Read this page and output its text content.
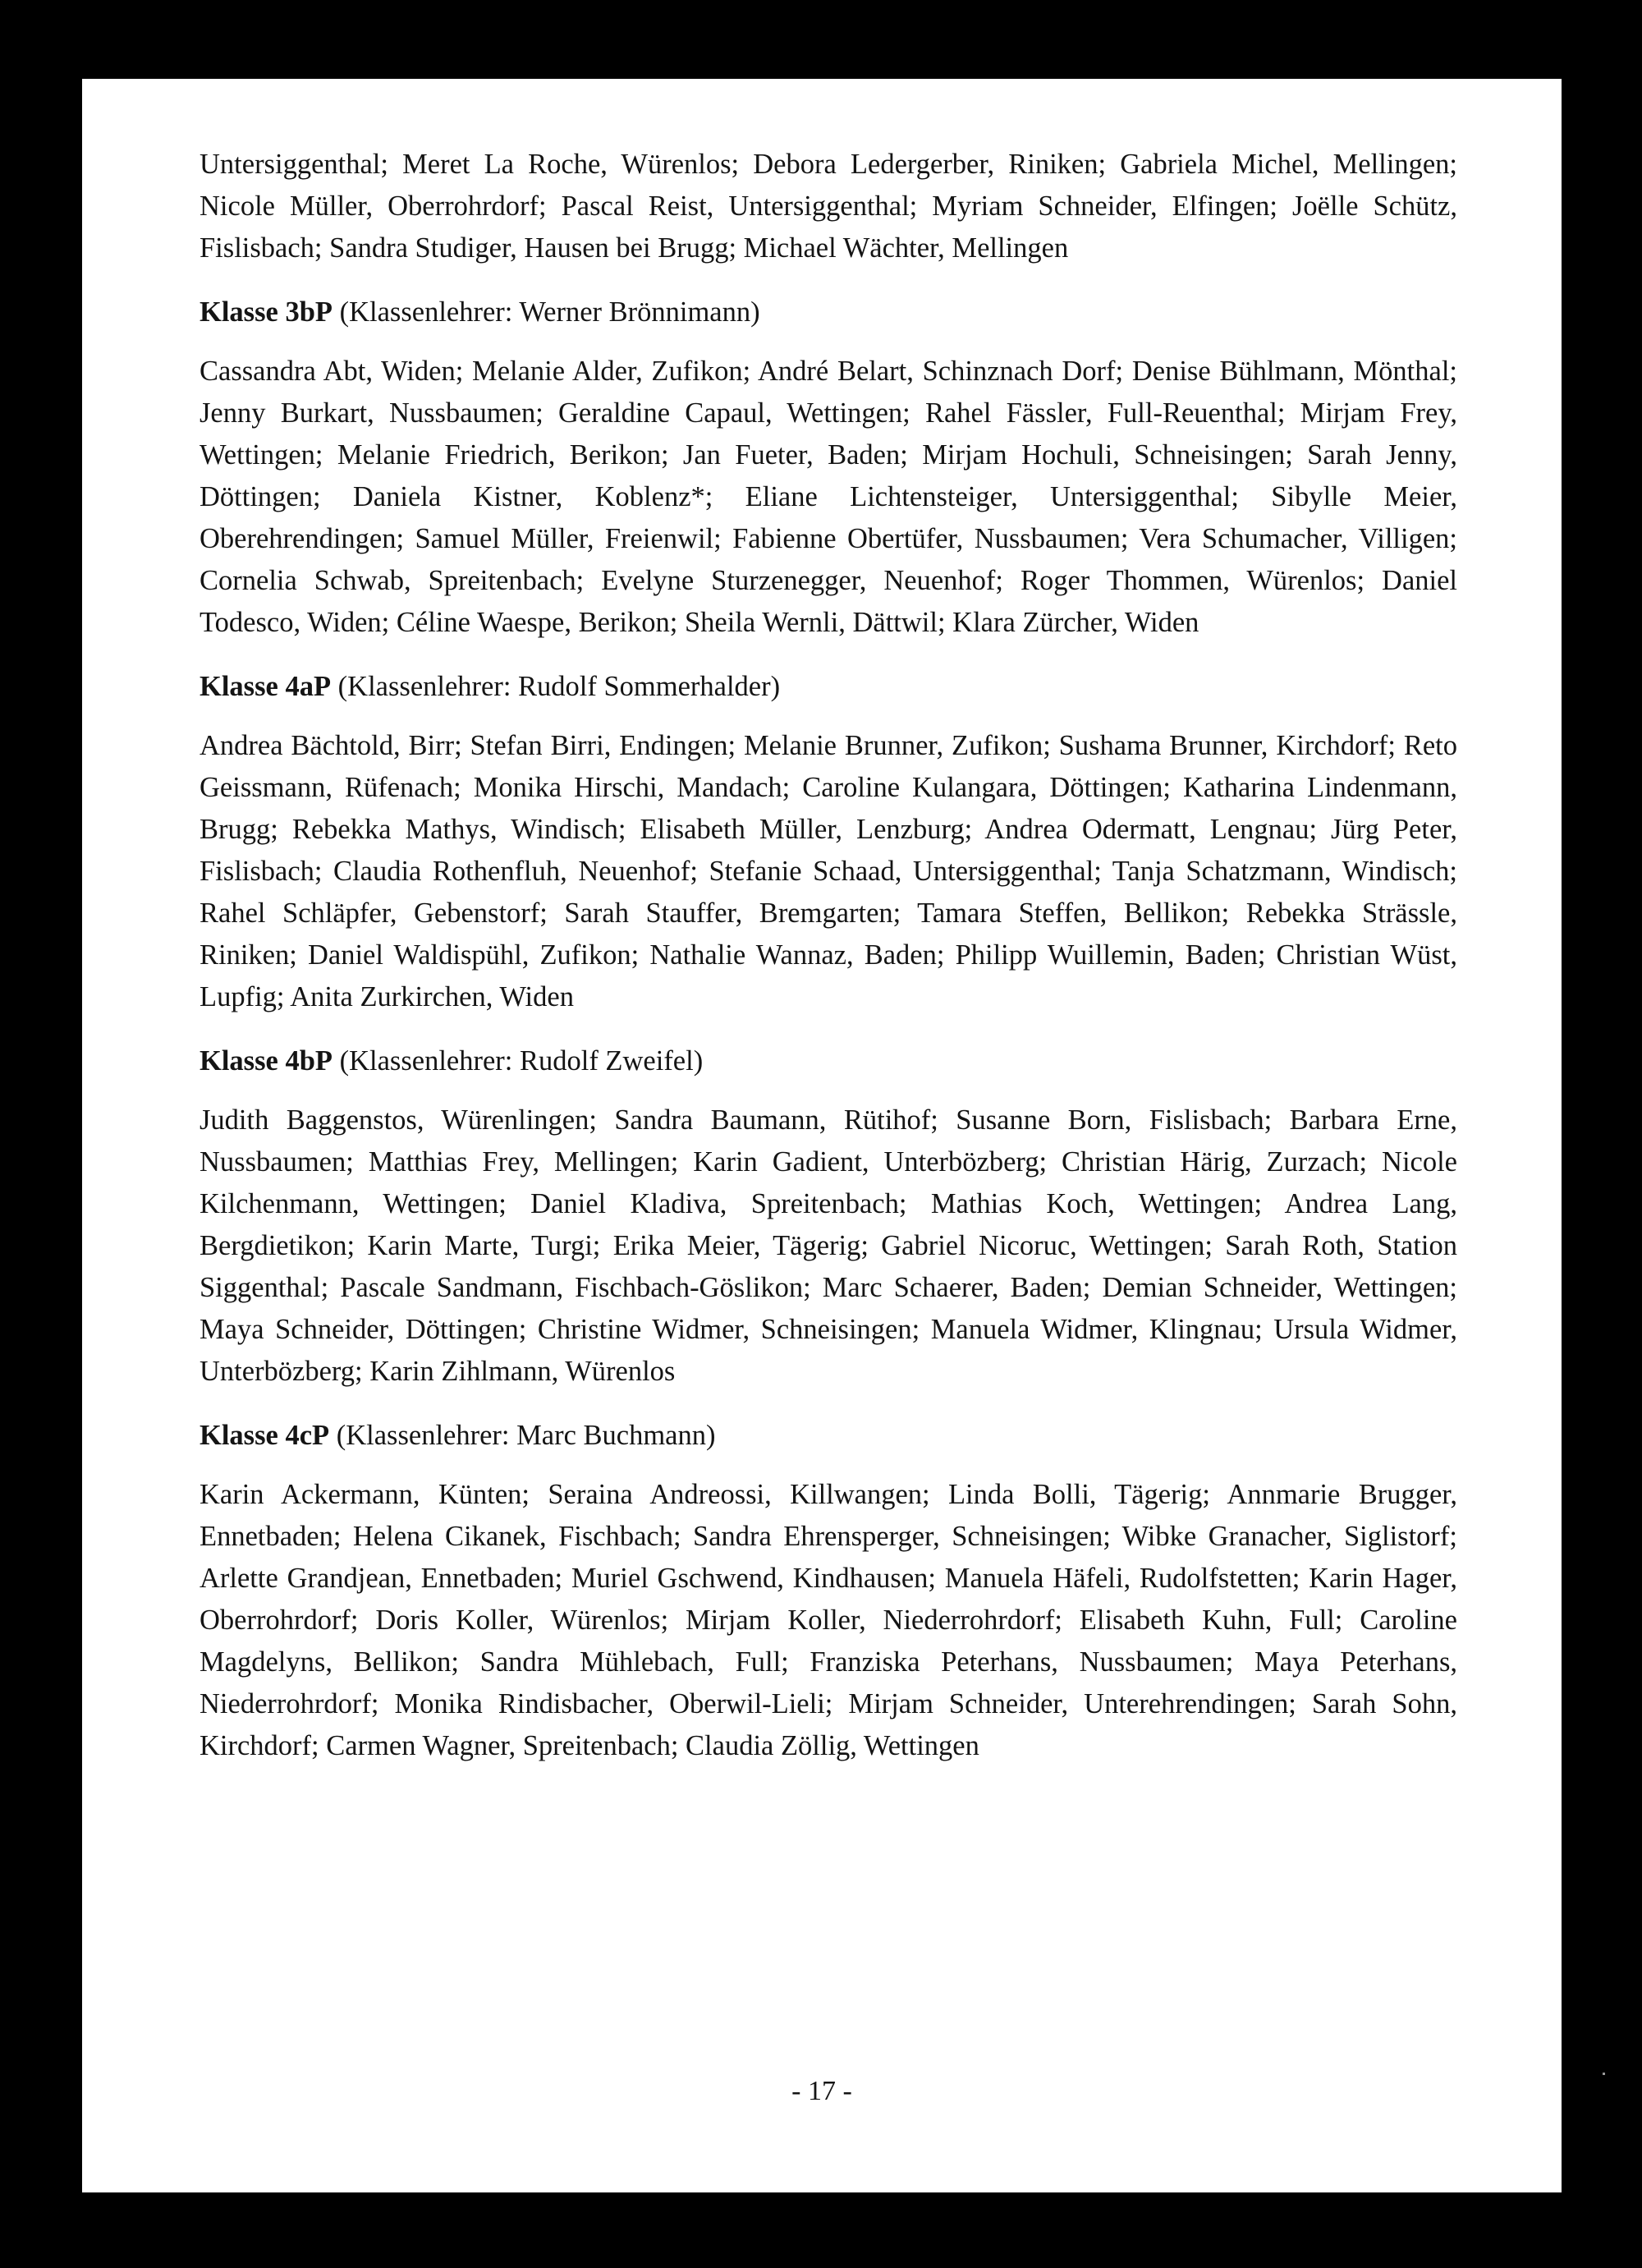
Untersiggenthal; Meret La Roche, Würenlos; Debora Ledergerber, Riniken; Gabriela Michel, Mellingen; Nicole Müller, Oberrohrdorf; Pascal Reist, Untersiggenthal; Myriam Schneider, Elfingen; Joëlle Schütz, Fislisbach; Sandra Studiger, Hausen bei Brugg; Michael Wächter, Mellingen

Klasse 3bP (Klassenlehrer: Werner Brönnimann)

Cassandra Abt, Widen; Melanie Alder, Zufikon; André Belart, Schinznach Dorf; Denise Bühlmann, Mönthal; Jenny Burkart, Nussbaumen; Geraldine Capaul, Wettingen; Rahel Fässler, Full-Reuenthal; Mirjam Frey, Wettingen; Melanie Friedrich, Berikon; Jan Fueter, Baden; Mirjam Hochuli, Schneisingen; Sarah Jenny, Döttingen; Daniela Kistner, Koblenz*; Eliane Lichtensteiger, Untersiggenthal; Sibylle Meier, Oberehrendingen; Samuel Müller, Freienwil; Fabienne Obertüfer, Nussbaumen; Vera Schumacher, Villigen; Cornelia Schwab, Spreitenbach; Evelyne Sturzenegger, Neuenhof; Roger Thommen, Würenlos; Daniel Todesco, Widen; Céline Waespe, Berikon; Sheila Wernli, Dättwil; Klara Zürcher, Widen

Klasse 4aP (Klassenlehrer: Rudolf Sommerhalder)

Andrea Bächtold, Birr; Stefan Birri, Endingen; Melanie Brunner, Zufikon; Sushama Brunner, Kirchdorf; Reto Geissmann, Rüfenach; Monika Hirschi, Mandach; Caroline Kulangara, Döttingen; Katharina Lindenmann, Brugg; Rebekka Mathys, Windisch; Elisabeth Müller, Lenzburg; Andrea Odermatt, Lengnau; Jürg Peter, Fislisbach; Claudia Rothenfluh, Neuenhof; Stefanie Schaad, Untersiggenthal; Tanja Schatzmann, Windisch; Rahel Schläpfer, Gebenstorf; Sarah Stauffer, Bremgarten; Tamara Steffen, Bellikon; Rebekka Strässle, Riniken; Daniel Waldispühl, Zufikon; Nathalie Wannaz, Baden; Philipp Wuillemin, Baden; Christian Wüst, Lupfig; Anita Zurkirchen, Widen

Klasse 4bP (Klassenlehrer: Rudolf Zweifel)

Judith Baggenstos, Würenlingen; Sandra Baumann, Rütihof; Susanne Born, Fislisbach; Barbara Erne, Nussbaumen; Matthias Frey, Mellingen; Karin Gadient, Unterbözberg; Christian Härig, Zurzach; Nicole Kilchenmann, Wettingen; Daniel Kladiva, Spreitenbach; Mathias Koch, Wettingen; Andrea Lang, Bergdietikon; Karin Marte, Turgi; Erika Meier, Tägerig; Gabriel Nicoruc, Wettingen; Sarah Roth, Station Siggenthal; Pascale Sandmann, Fischbach-Göslikon; Marc Schaerer, Baden; Demian Schneider, Wettingen; Maya Schneider, Döttingen; Christine Widmer, Schneisingen; Manuela Widmer, Klingnau; Ursula Widmer, Unterbözberg; Karin Zihlmann, Würenlos

Klasse 4cP (Klassenlehrer: Marc Buchmann)

Karin Ackermann, Künten; Seraina Andreossi, Killwangen; Linda Bolli, Tägerig; Annmarie Brugger, Ennetbaden; Helena Cikanek, Fischbach; Sandra Ehrensperger, Schneisingen; Wibke Granacher, Siglistorf; Arlette Grandjean, Ennetbaden; Muriel Gschwend, Kindhausen; Manuela Häfeli, Rudolfstetten; Karin Hager, Oberrohrdorf; Doris Koller, Würenlos; Mirjam Koller, Niederrohrdorf; Elisabeth Kuhn, Full; Caroline Magdelyns, Bellikon; Sandra Mühlebach, Full; Franziska Peterhans, Nussbaumen; Maya Peterhans, Niederrohrdorf; Monika Rindisbacher, Oberwil-Lieli; Mirjam Schneider, Unterehrendingen; Sarah Sohn, Kirchdorf; Carmen Wagner, Spreitenbach; Claudia Zöllig, Wettingen

- 17 -
